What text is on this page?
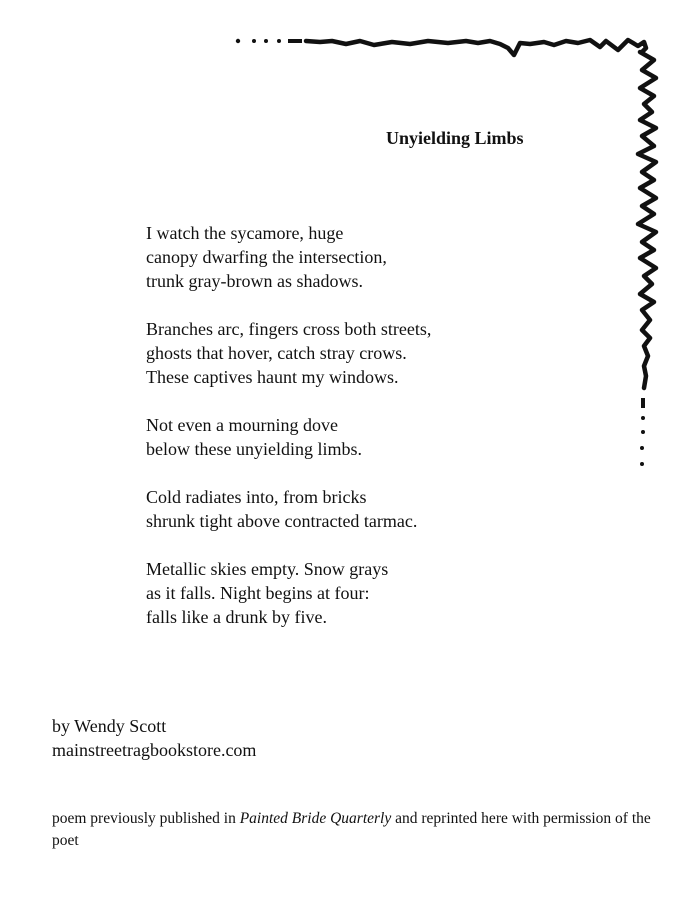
Unyielding Limbs
I watch the sycamore, huge
canopy dwarfing the intersection,
trunk gray-brown as shadows.
Branches arc, fingers cross both streets,
ghosts that hover, catch stray crows.
These captives haunt my windows.
Not even a mourning dove
below these unyielding limbs.
Cold radiates into, from bricks
shrunk tight above contracted tarmac.
Metallic skies empty. Snow grays
as it falls. Night begins at four:
falls like a drunk by five.
by Wendy Scott
mainstreetragbookstore.com
poem previously published in Painted Bride Quarterly and reprinted here with permission of the poet
